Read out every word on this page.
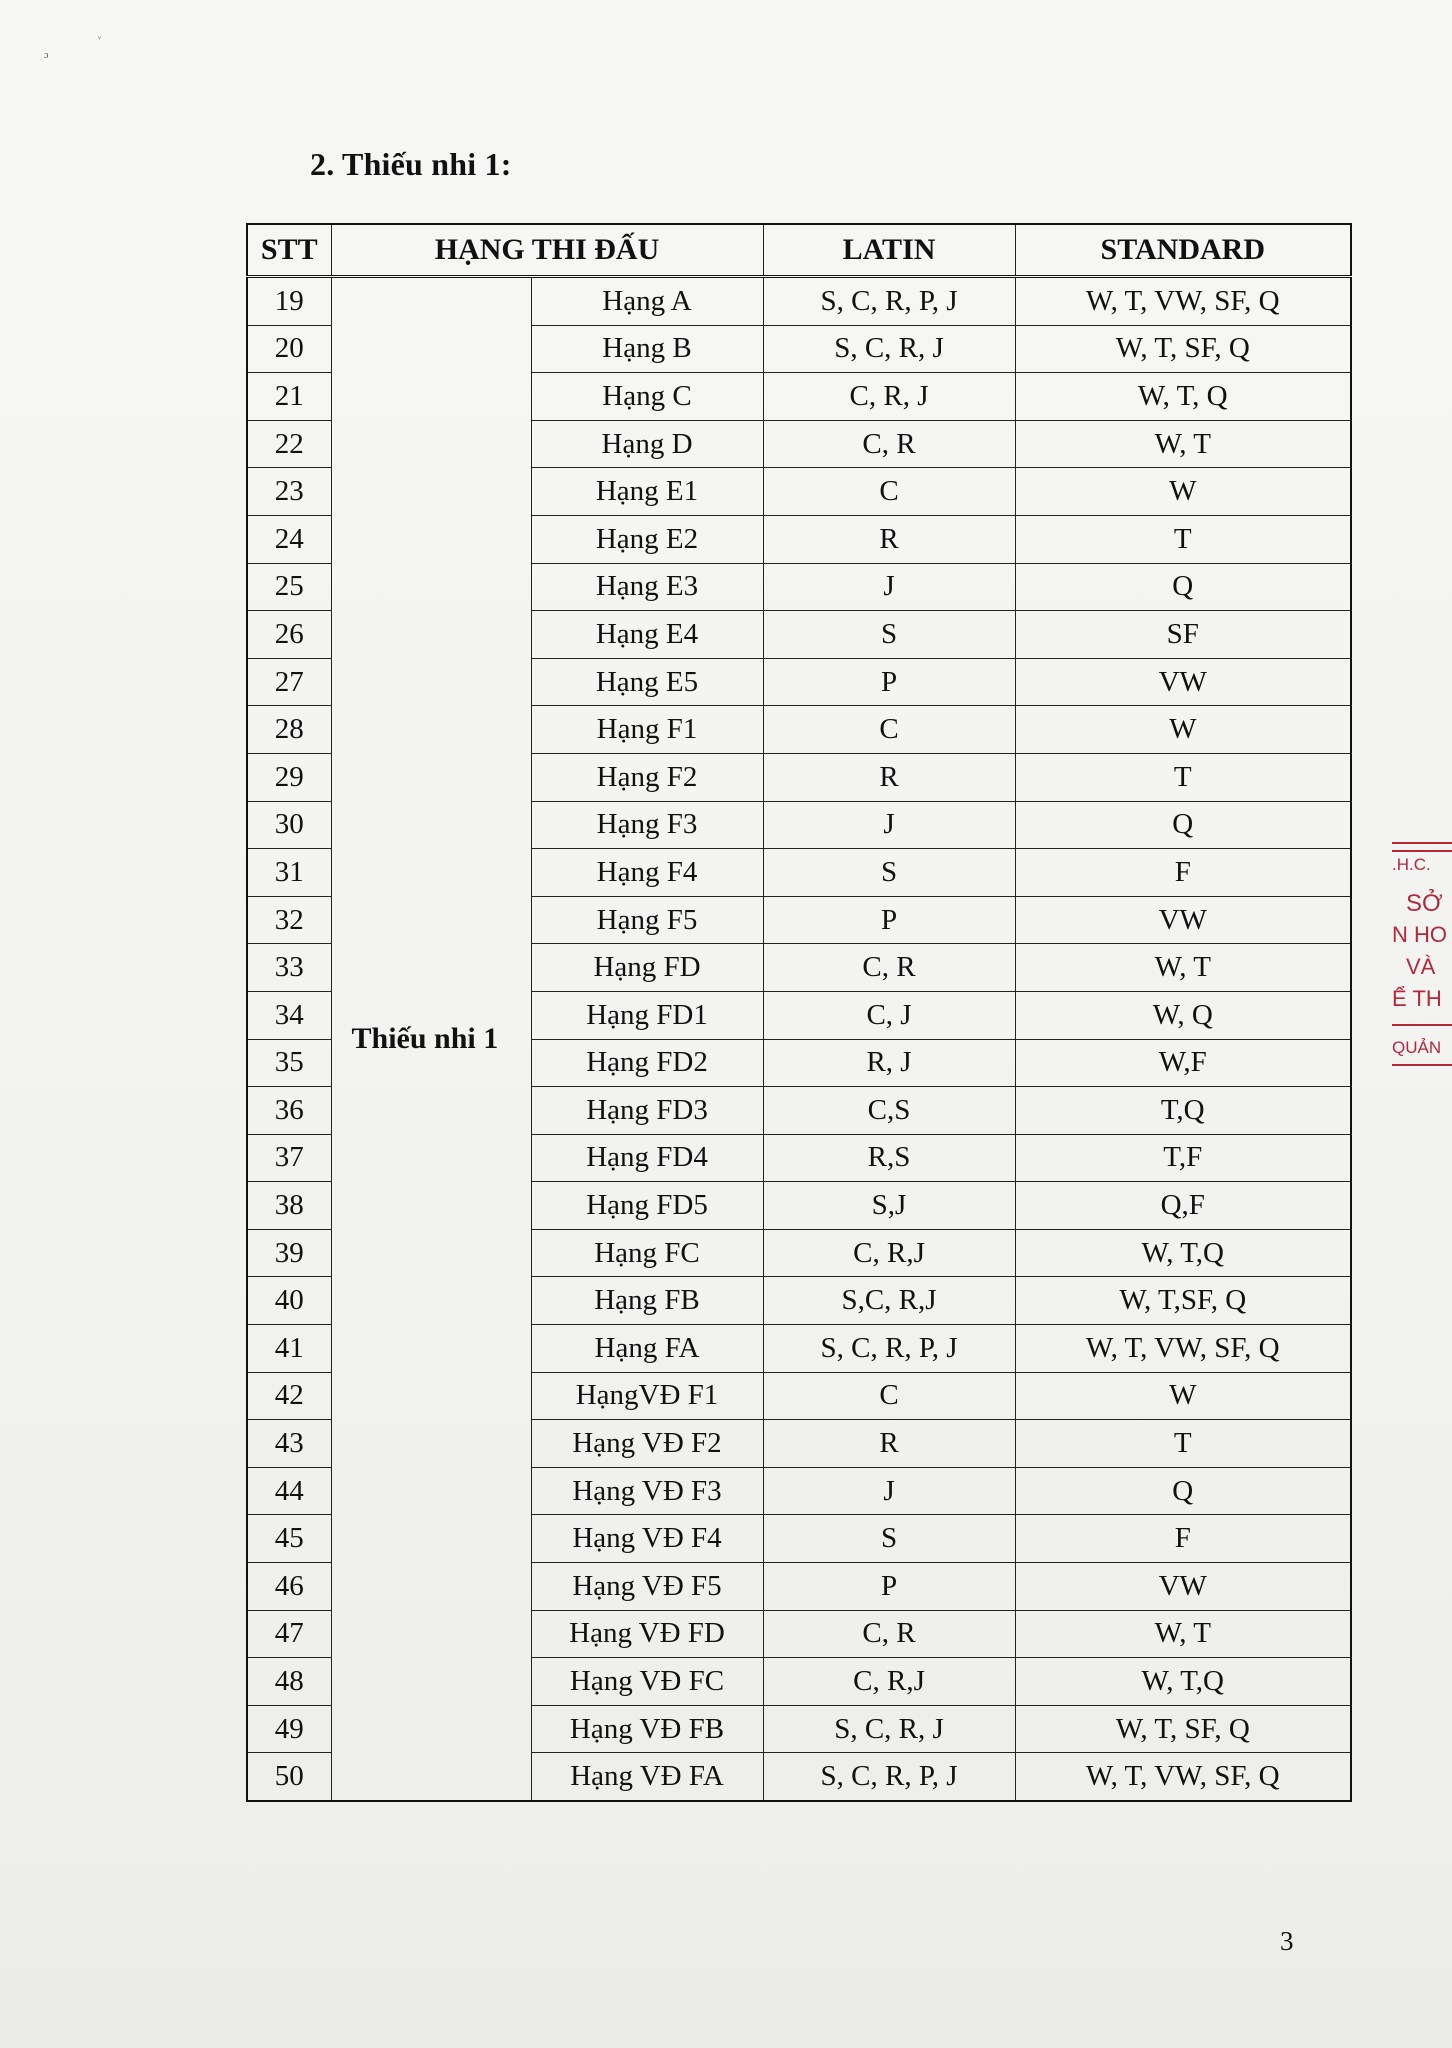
ɔ
ᵛ
2. Thiếu nhi 1:
STT	HẠNG THI ĐẤU		LATIN	STANDARD
19	Thiếu nhi 1	Hạng A	S, C, R, P, J	W, T, VW, SF, Q
20		Hạng B	S, C, R, J	W, T, SF, Q
21		Hạng C	C, R, J	W, T, Q
22		Hạng D	C, R	W, T
23		Hạng E1	C	W
24		Hạng E2	R	T
25		Hạng E3	J	Q
26		Hạng E4	S	SF
27		Hạng E5	P	VW
28		Hạng F1	C	W
29		Hạng F2	R	T
30		Hạng F3	J	Q
31		Hạng F4	S	F
32		Hạng F5	P	VW
33		Hạng FD	C, R	W, T
34		Hạng FD1	C, J	W, Q
35		Hạng FD2	R, J	W,F
36		Hạng FD3	C,S	T,Q
37		Hạng FD4	R,S	T,F
38		Hạng FD5	S,J	Q,F
39		Hạng FC	C, R,J	W, T,Q
40		Hạng FB	S,C, R,J	W, T,SF, Q
41		Hạng FA	S, C, R, P, J	W, T, VW, SF, Q
42		HạngVĐ F1	C	W
43		Hạng VĐ F2	R	T
44		Hạng VĐ F3	J	Q
45		Hạng VĐ F4	S	F
46		Hạng VĐ F5	P	VW
47		Hạng VĐ FD	C, R	W, T
48		Hạng VĐ FC	C, R,J	W, T,Q
49		Hạng VĐ FB	S, C, R, J	W, T, SF, Q
50		Hạng VĐ FA	S, C, R, P, J	W, T, VW, SF, Q
.H.C.
SỞ
N HO
VÀ
Ể TH
QUẢN
3
